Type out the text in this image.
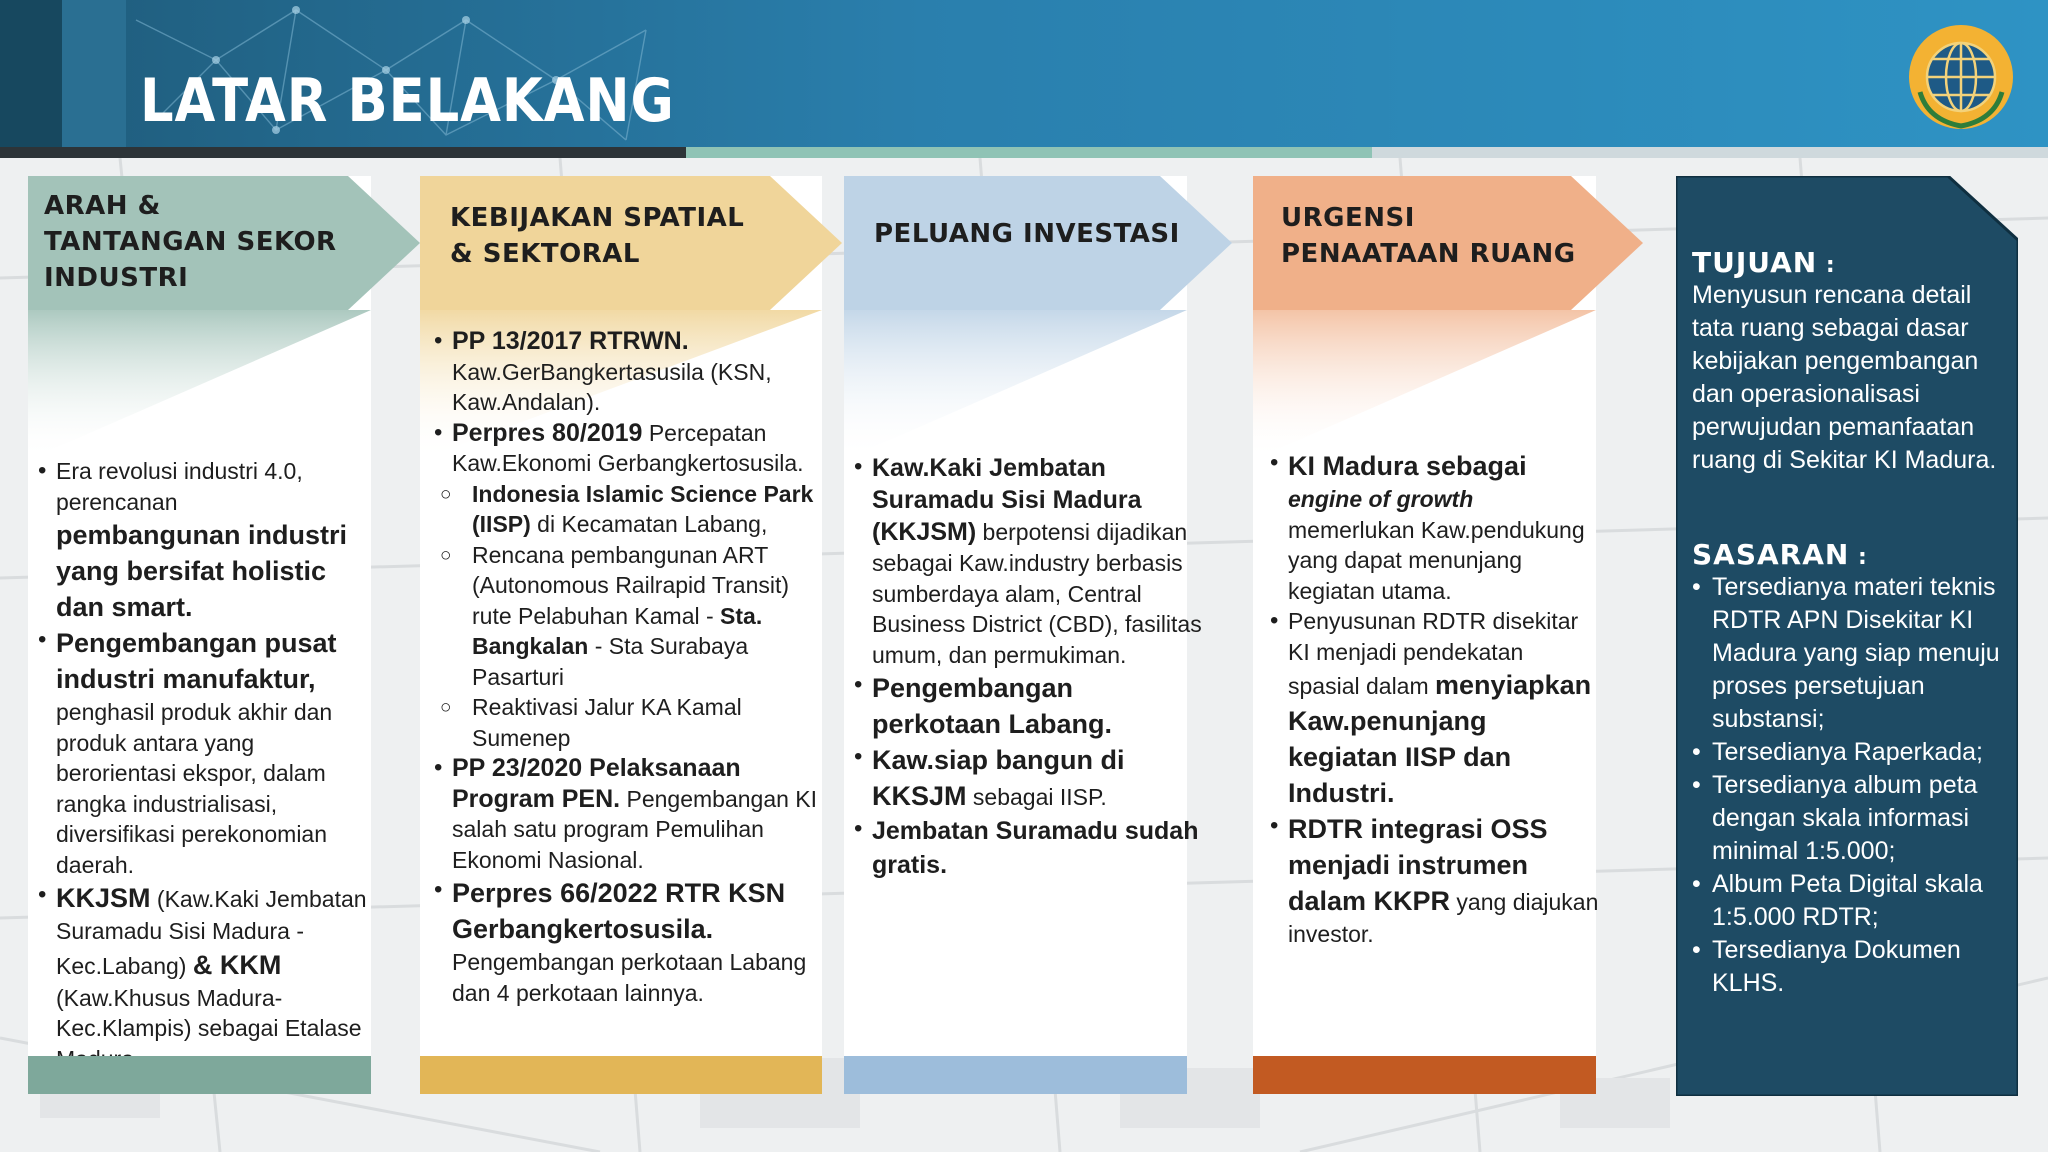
LATAR BELAKANG
ARAH &
TANTANGAN SEKOR
INDUSTRI
• Era revolusi industri 4.0,
perencanan pembangunan industri yang bersifat holistic dan smart.
• Pengembangan pusat industri manufaktur,
penghasil produk akhir dan produk antara yang berorientasi ekspor, dalam rangka industrialisasi, diversifikasi perekonomian daerah.
• KKJSM (Kaw.Kaki Jembatan Suramadu Sisi Madura - Kec.Labang) & KKM (Kaw.Khusus Madura-Kec.Klampis) sebagai Etalase
KEBIJAKAN SPATIAL
& SEKTORAL
• PP 13/2017 RTRWN.
Kaw.GerBangkertasusila (KSN, Kaw.Andalan).
• Perpres 80/2019 Percepatan Kaw.Ekonomi Gerbangkertosusila.
○ Indonesia Islamic Science Park (IISP) di Kecamatan Labang,
○ Rencana pembangunan ART (Autonomous Railrapid Transit) rute Pelabuhan Kamal - Sta. Bangkalan - Sta Surabaya Pasarturi
○ Reaktivasi Jalur KA Kamal Sumenep
• PP 23/2020 Pelaksanaan Program PEN. Pengembangan KI salah satu program Pemulihan Ekonomi Nasional.
• Perpres 66/2022 RTR KSN Gerbangkertosusila.
Pengembangan perkotaan Labang dan 4 perkotaan lainnya.
PELUANG INVESTASI
• Kaw.Kaki Jembatan Suramadu Sisi Madura (KKJSM) berpotensi dijadikan sebagai Kaw.industry berbasis sumberdaya alam, Central Business District (CBD), fasilitas umum, dan permukiman.
• Pengembangan perkotaan Labang.
• Kaw.siap bangun di KKSJM sebagai IISP.
• Jembatan Suramadu sudah gratis.
URGENSI
PENAATAAN RUANG
• KI Madura sebagai
engine of growth
memerlukan Kaw.pendukung yang dapat menunjang kegiatan utama.
• Penyusunan RDTR disekitar KI menjadi pendekatan spasial dalam menyiapkan Kaw.penunjang kegiatan IISP dan Industri.
• RDTR integrasi OSS menjadi instrumen dalam KKPR yang diajukan investor.
TUJUAN :
Menyusun rencana detail tata ruang sebagai dasar kebijakan pengembangan dan operasionalisasi perwujudan pemanfaatan ruang di Sekitar KI Madura.
SASARAN :
• Tersedianya materi teknis RDTR APN Disekitar KI Madura yang siap menuju proses persetujuan substansi;
• Tersedianya Raperkada;
• Tersedianya album peta dengan skala informasi minimal 1:5.000;
• Album Peta Digital skala 1:5.000 RDTR;
• Tersedianya Dokumen KLHS.
